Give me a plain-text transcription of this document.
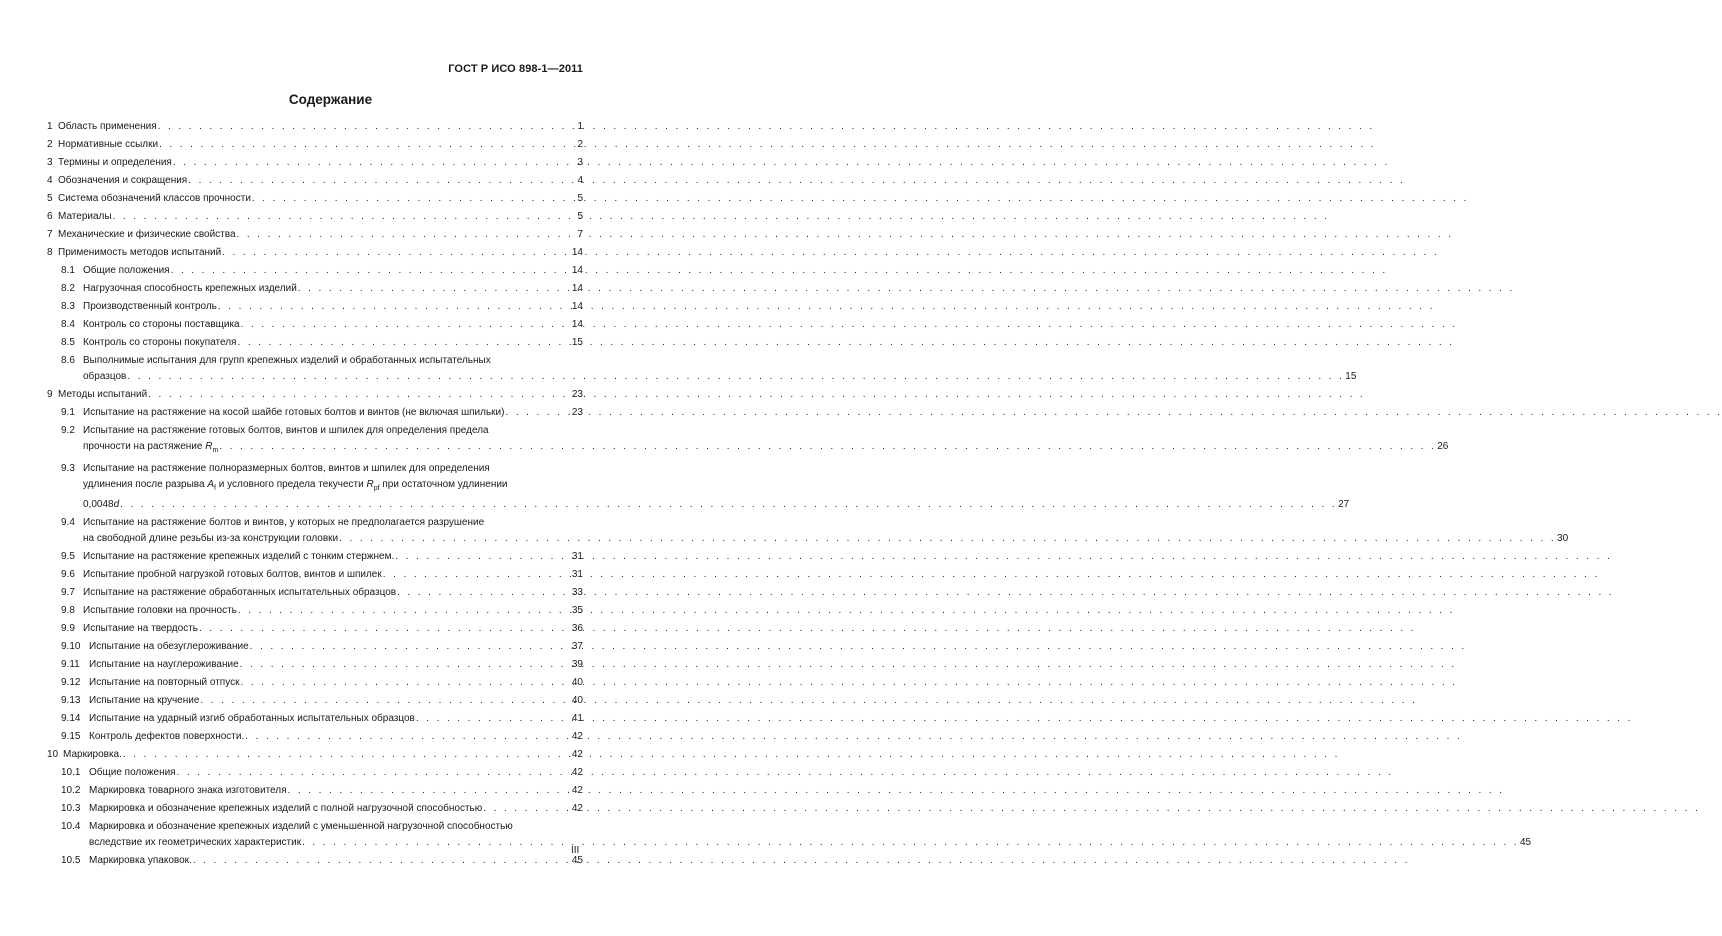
ГОСТ Р ИСО 898-1—2011
Содержание
1 Область применения . . .	1
2 Нормативные ссылки . . .	2
3 Термины и определения . . .	3
4 Обозначения и сокращения . . .	4
5 Система обозначений классов прочности . . .	5
6 Материалы . . .	5
7 Механические и физические свойства . . .	7
8 Применимость методов испытаний . . .	14
8.1 Общие положения . . .	14
8.2 Нагрузочная способность крепежных изделий . . .	14
8.3 Производственный контроль . . .	14
8.4 Контроль со стороны поставщика . . .	14
8.5 Контроль со стороны покупателя . . .	15
8.6 Выполнимые испытания для групп крепежных изделий и обработанных испытательных
образцов . . .	15
9 Методы испытаний . . .	23
9.1 Испытание на растяжение на косой шайбе готовых болтов и винтов (не включая шпильки) . . .	23
9.2 Испытание на растяжение готовых болтов, винтов и шпилек для определения предела
прочности на растяжение $R_m$ . . .	26
9.3 Испытание на растяжение полноразмерных болтов, винтов и шпилек для определения
удлинения после разрыва $A_f$ и условного предела текучести $R_{pf}$ при остаточном удлинении
0,0048d . . .	27
9.4 Испытание на растяжение болтов и винтов, у которых не предполагается разрушение
на свободной длине резьбы из-за конструкции головки . . .	30
9.5 Испытание на растяжение крепежных изделий с тонким стержнем. . . .	31
9.6 Испытание пробной нагрузкой готовых болтов, винтов и шпилек . . .	31
9.7 Испытание на растяжение обработанных испытательных образцов . . .	33
9.8 Испытание головки на прочность . . .	35
9.9 Испытание на твердость . . .	36
9.10 Испытание на обезуглероживание . . .	37
9.11 Испытание на науглероживание . . .	39
9.12 Испытание на повторный отпуск . . .	40
9.13 Испытание на кручение . . .	40
9.14 Испытание на ударный изгиб обработанных испытательных образцов . . .	41
9.15 Контроль дефектов поверхности. . . .	42
10 Маркировка. . . .	42
10.1 Общие положения . . .	42
10.2 Маркировка товарного знака изготовителя . . .	42
10.3 Маркировка и обозначение крепежных изделий с полной нагрузочной способностью . . .	42
10.4 Маркировка и обозначение крепежных изделий с уменьшенной нагрузочной способностью
вследствие их геометрических характеристик . . .	45
10.5 Маркировка упаковок. . . .	45
III
